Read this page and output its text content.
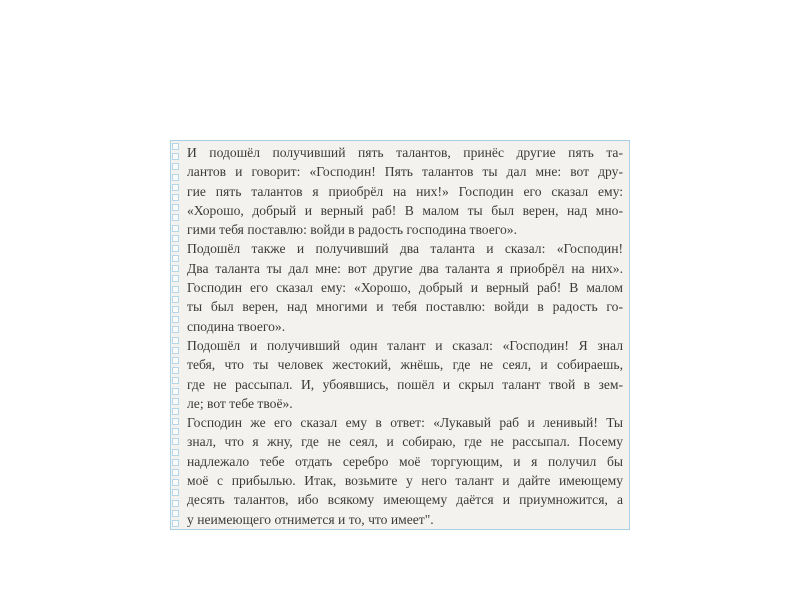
И подошёл получивший пять талантов, принёс другие пять та-
лантов и говорит: «Господин! Пять талантов ты дал мне: вот дру-
гие пять талантов я приобрёл на них!» Господин его сказал ему:
«Хорошо, добрый и верный раб! В малом ты был верен, над мно-
гими тебя поставлю: войди в радость господина твоего».
Подошёл также и получивший два таланта и сказал: «Господин!
Два таланта ты дал мне: вот другие два таланта я приобрёл на них».
Господин его сказал ему: «Хорошо, добрый и верный раб! В малом
ты был верен, над многими и тебя поставлю: войди в радость го-
сподина твоего».
Подошёл и получивший один талант и сказал: «Господин! Я знал
тебя, что ты человек жестокий, жнёшь, где не сеял, и собираешь,
где не рассыпал. И, убоявшись, пошёл и скрыл талант твой в зем-
ле; вот тебе твоё».
Господин же его сказал ему в ответ: «Лукавый раб и ленивый! Ты
знал, что я жну, где не сеял, и собираю, где не рассыпал. Посему
надлежало тебе отдать серебро моё торгующим, и я получил бы
моё с прибылью. Итак, возьмите у него талант и дайте имеющему
десять талантов, ибо всякому имеющему даётся и приумножится, а
у неимеющего отнимется и то, что имеет".
